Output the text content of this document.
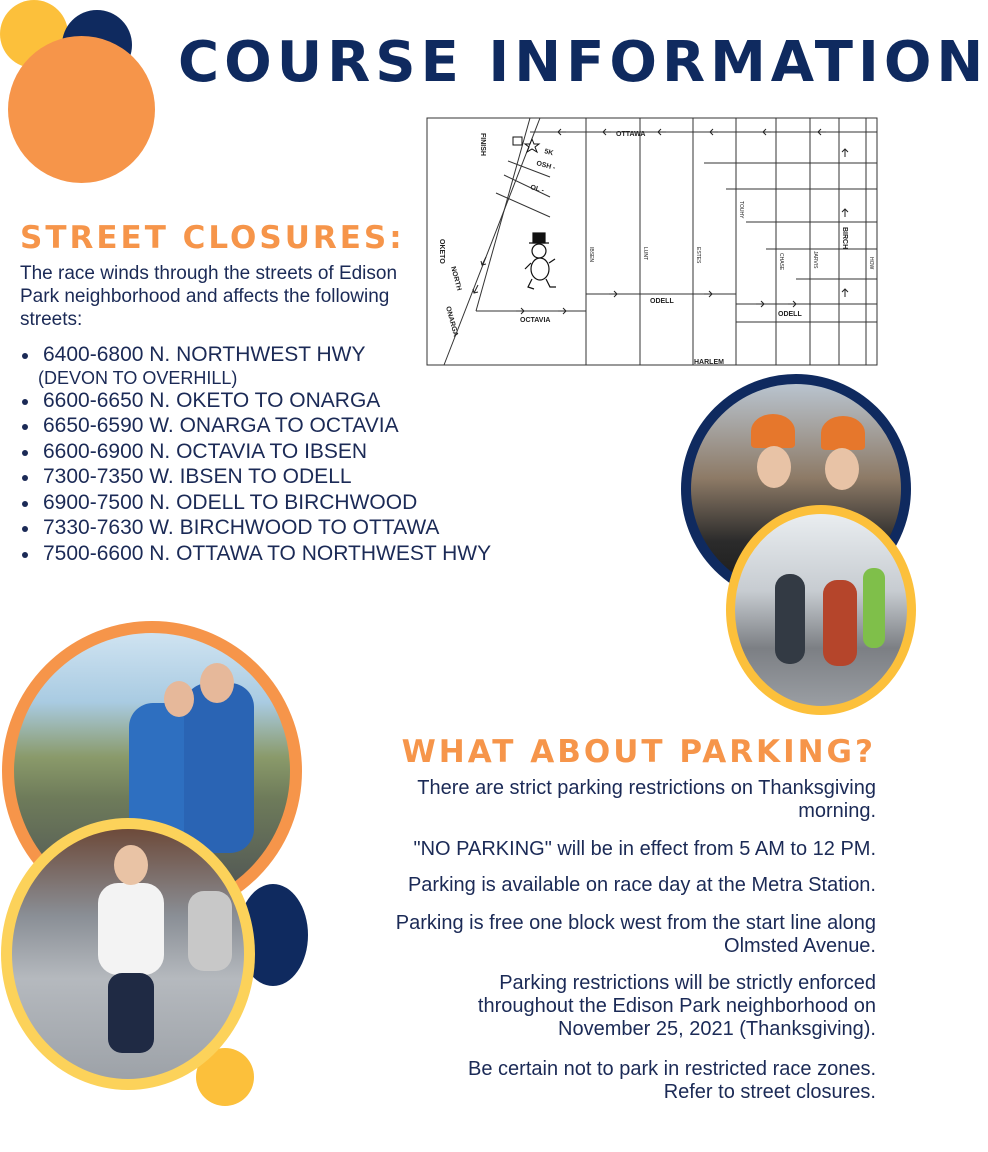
COURSE INFORMATION
STREET CLOSURES:

The race winds through the streets of Edison Park neighborhood and affects the following streets:

6400-6800 N. NORTHWEST HWY
(DEVON TO OVERHILL)
6600-6650 N. OKETO TO ONARGA
6650-6590 W. ONARGA TO OCTAVIA
6600-6900 N. OCTAVIA TO IBSEN
7300-7350 W. IBSEN TO ODELL
6900-7500 N. ODELL TO BIRCHWOOD
7330-7630 W. BIRCHWOOD TO OTTAWA
7500-6600 N. OTTAWA TO NORTHWEST HWY
OTTAWA
5K
OSH -
OL -
FINISH
OKETO
NORTH
ONARGA	OCTAVIA
IBSEN	LUNT	ESTES
TOUHY
CHASE	JARVIS
BIRCH
HOW
ODELL
ODELL
HARLEM
WHAT ABOUT PARKING?

There are strict parking restrictions on Thanksgiving
morning.

"NO PARKING" will be in effect from 5 AM to 12 PM.

Parking is available on race day at the Metra Station.

Parking is free one block west from the start line along
Olmsted Avenue.

Parking restrictions will be strictly enforced
throughout the Edison Park neighborhood on
November 25, 2021 (Thanksgiving).

Be certain not to park in restricted race zones.
Refer to street closures.
